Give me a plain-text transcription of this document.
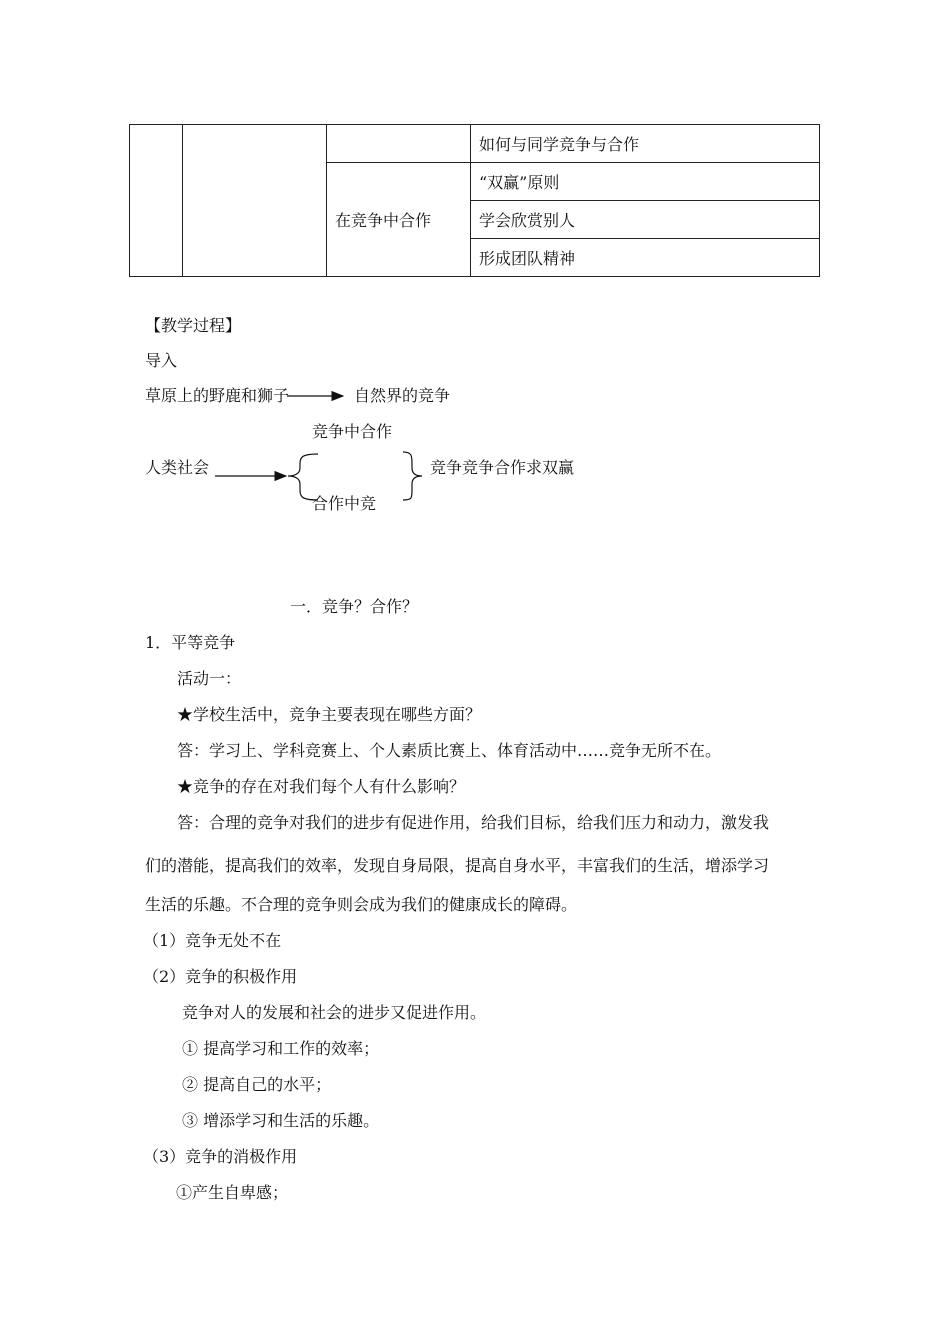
			如何与同学竞争与合作
		在竞争中合作	“双赢”原则
			学会欣赏别人
			形成团队精神
【教学过程】
导入
草原上的野鹿和狮子	自然界的竞争
竞争中合作
人类社会	竞争竞争合作求双赢
合作中竞
一．竞争？合作？
1．平等竞争
活动一：
★学校生活中，竞争主要表现在哪些方面？
答：学习上、学科竞赛上、个人素质比赛上、体育活动中……竞争无所不在。
★竞争的存在对我们每个人有什么影响？
答：合理的竞争对我们的进步有促进作用，给我们目标，给我们压力和动力，激发我
们的潜能，提高我们的效率，发现自身局限，提高自身水平，丰富我们的生活，增添学习
生活的乐趣。不合理的竞争则会成为我们的健康成长的障碍。
（1）竞争无处不在
（2）竞争的积极作用
竞争对人的发展和社会的进步又促进作用。
① 提高学习和工作的效率；
② 提高自己的水平；
③ 增添学习和生活的乐趣。
（3）竞争的消极作用
①产生自卑感；
